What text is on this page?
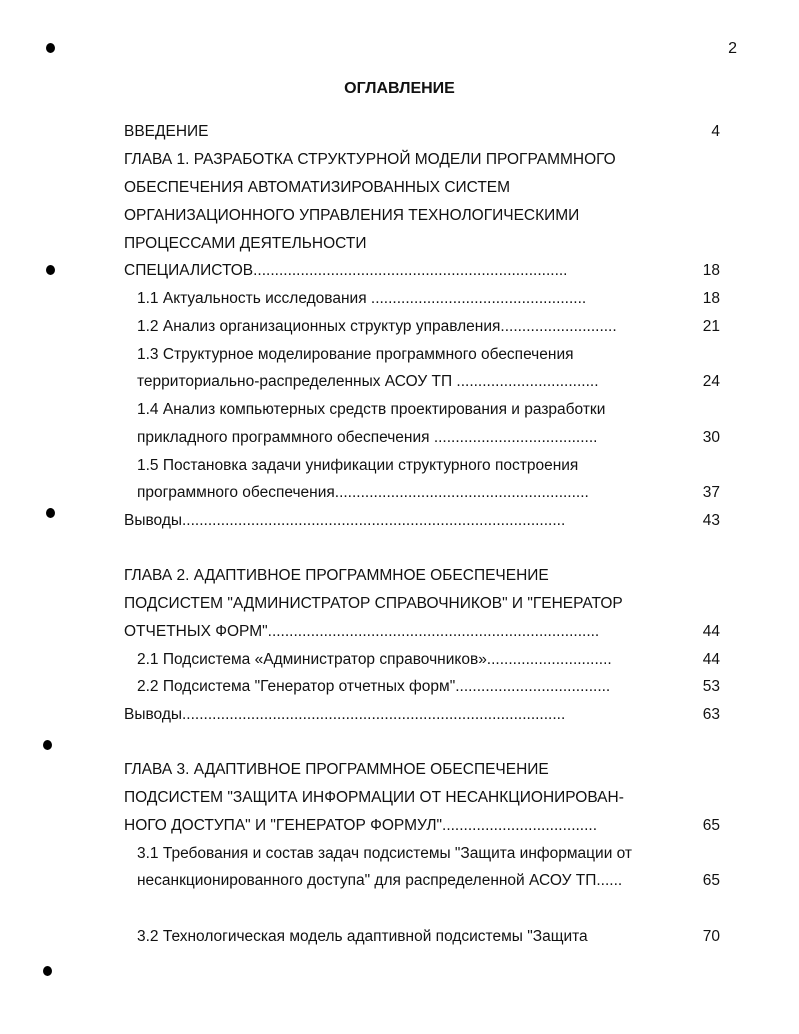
2
ОГЛАВЛЕНИЕ
ВВЕДЕНИЕ	4
ГЛАВА 1. РАЗРАБОТКА СТРУКТУРНОЙ МОДЕЛИ ПРОГРАММНОГО
ОБЕСПЕЧЕНИЯ АВТОМАТИЗИРОВАННЫХ СИСТЕМ
ОРГАНИЗАЦИОННОГО УПРАВЛЕНИЯ ТЕХНОЛОГИЧЕСКИМИ
ПРОЦЕССАМИ ДЕЯТЕЛЬНОСТИ
СПЕЦИАЛИСТОВ.........................................................................	18
1.1 Актуальность исследования ..................................................	18
1.2 Анализ организационных структур управления...........................	21
1.3 Структурное моделирование программного обеспечения
территориально-распределенных АСОУ ТП .................................	24
1.4 Анализ компьютерных средств проектирования и разработки
прикладного программного обеспечения ......................................	30
1.5 Постановка задачи унификации структурного построения
программного обеспечения...........................................................	37
Выводы.........................................................................................	43
ГЛАВА 2. АДАПТИВНОЕ ПРОГРАММНОЕ ОБЕСПЕЧЕНИЕ
ПОДСИСТЕМ "АДМИНИСТРАТОР СПРАВОЧНИКОВ" И "ГЕНЕРАТОР
ОТЧЕТНЫХ ФОРМ".............................................................................	44
2.1 Подсистема «Администратор справочников».............................	44
2.2 Подсистема "Генератор отчетных форм"....................................	53
Выводы.........................................................................................	63
ГЛАВА 3. АДАПТИВНОЕ ПРОГРАММНОЕ ОБЕСПЕЧЕНИЕ
ПОДСИСТЕМ "ЗАЩИТА ИНФОРМАЦИИ ОТ НЕСАНКЦИОНИРОВАН-
НОГО ДОСТУПА" И "ГЕНЕРАТОР ФОРМУЛ"....................................	65
3.1 Требования и состав задач подсистемы "Защита информации от
несанкционированного доступа" для распределенной АСОУ ТП......	65
3.2 Технологическая модель адаптивной подсистемы "Защита	70
